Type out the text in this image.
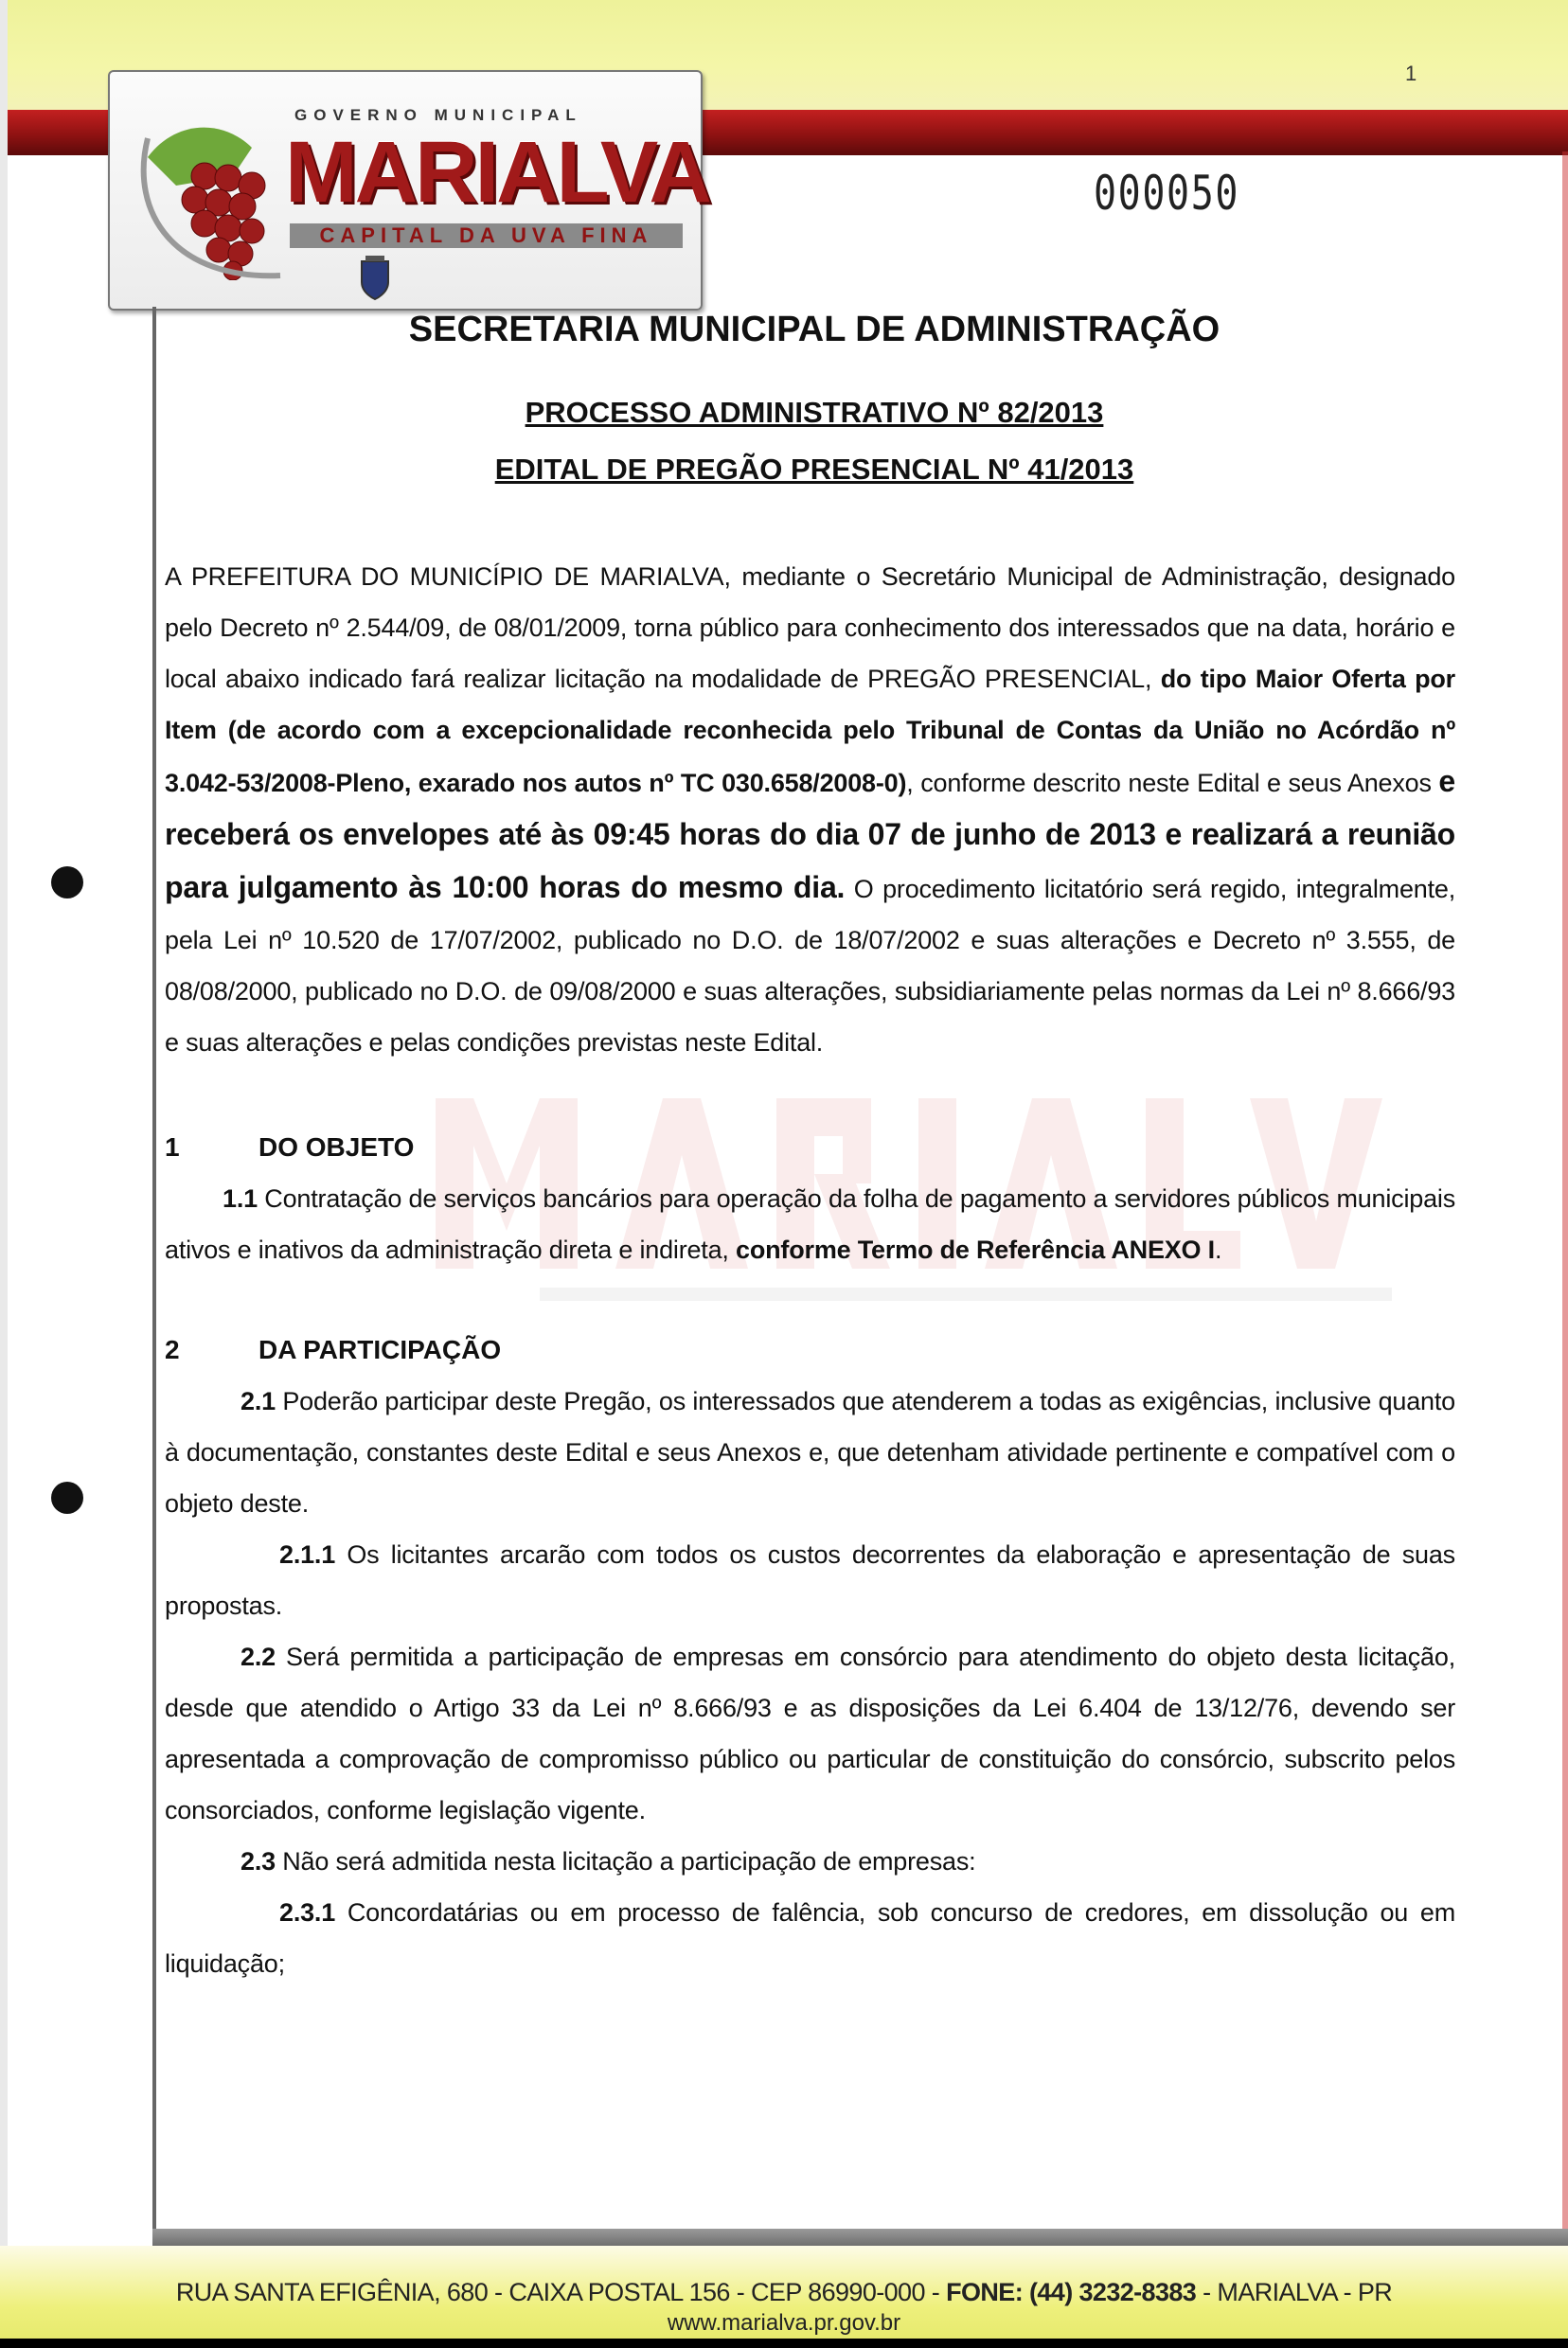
GOVERNO MUNICIPAL
MARIALVA
CAPITAL DA UVA FINA
1
000050
SECRETARIA MUNICIPAL DE ADMINISTRAÇÃO
PROCESSO ADMINISTRATIVO Nº 82/2013
EDITAL DE PREGÃO PRESENCIAL Nº 41/2013

A PREFEITURA DO MUNICÍPIO DE MARIALVA, mediante o Secretário Municipal de Administração, designado pelo Decreto nº 2.544/09, de 08/01/2009, torna público para conhecimento dos interessados que na data, horário e local abaixo indicado fará realizar licitação na modalidade de PREGÃO PRESENCIAL, do tipo Maior Oferta por Item (de acordo com a excepcionalidade reconhecida pelo Tribunal de Contas da União no Acórdão nº 3.042-53/2008-Pleno, exarado nos autos nº TC 030.658/2008-0), conforme descrito neste Edital e seus Anexos e receberá os envelopes até às 09:45 horas do dia 07 de junho de 2013 e realizará a reunião para julgamento às 10:00 horas do mesmo dia. O procedimento licitatório será regido, integralmente, pela Lei nº 10.520 de 17/07/2002, publicado no D.O. de 18/07/2002 e suas alterações e Decreto nº 3.555, de 08/08/2000, publicado no D.O. de 09/08/2000 e suas alterações, subsidiariamente pelas normas da Lei nº 8.666/93 e suas alterações e pelas condições previstas neste Edital.

1	DO OBJETO

1.1 Contratação de serviços bancários para operação da folha de pagamento a servidores públicos municipais ativos e inativos da administração direta e indireta, conforme Termo de Referência ANEXO I.

2	DA PARTICIPAÇÃO

2.1 Poderão participar deste Pregão, os interessados que atenderem a todas as exigências, inclusive quanto à documentação, constantes deste Edital e seus Anexos e, que detenham atividade pertinente e compatível com o objeto deste.

2.1.1 Os licitantes arcarão com todos os custos decorrentes da elaboração e apresentação de suas propostas.

2.2 Será permitida a participação de empresas em consórcio para atendimento do objeto desta licitação, desde que atendido o Artigo 33 da Lei nº 8.666/93 e as disposições da Lei 6.404 de 13/12/76, devendo ser apresentada a comprovação de compromisso público ou particular de constituição do consórcio, subscrito pelos consorciados, conforme legislação vigente.

2.3 Não será admitida nesta licitação a participação de empresas:

2.3.1 Concordatárias ou em processo de falência, sob concurso de credores, em dissolução ou em liquidação;

RUA SANTA EFIGÊNIA, 680 - CAIXA POSTAL 156 - CEP 86990-000 - FONE: (44) 3232-8383 - MARIALVA - PR
www.marialva.pr.gov.br
